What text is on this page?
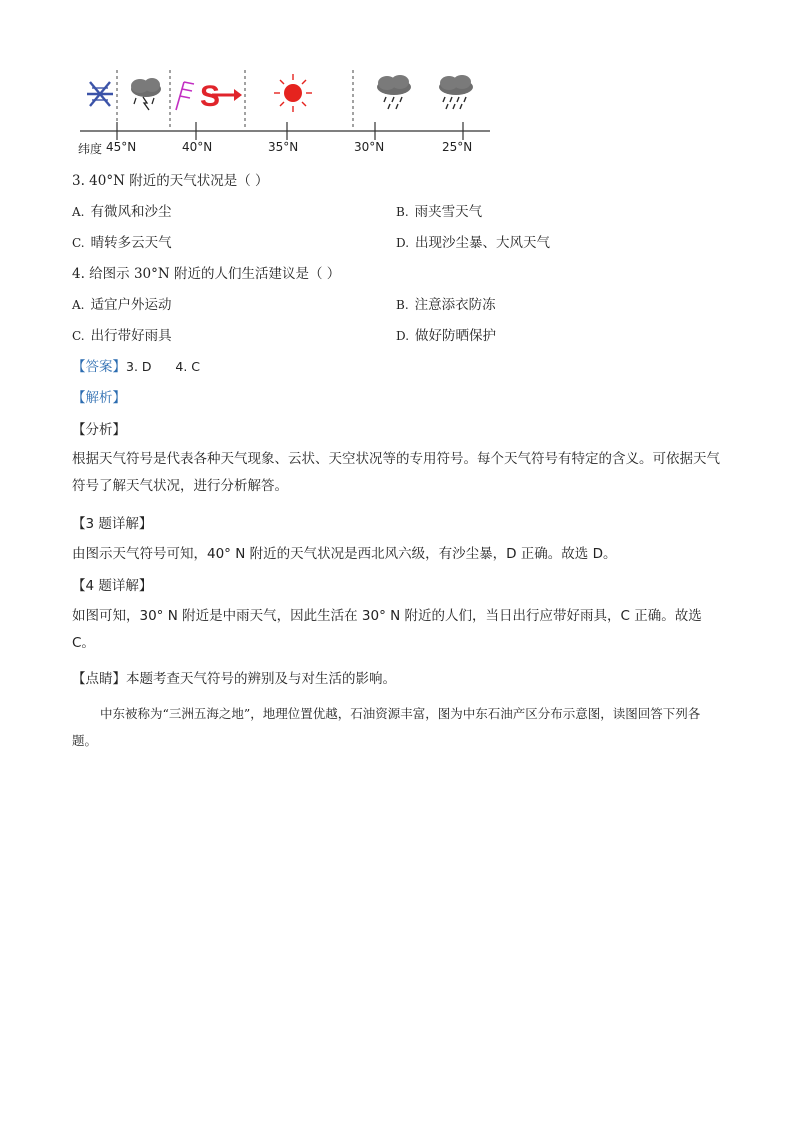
S
纬度 45°N	40°N	35°N	30°N	25°N
3. 40°N 附近的天气状况是（ ）
A. 有微风和沙尘	B. 雨夹雪天气
C. 晴转多云天气	D. 出现沙尘暴、大风天气
4. 给图示 30°N 附近的人们生活建议是（ ）
A. 适宜户外运动	B. 注意添衣防冻
C. 出行带好雨具	D. 做好防晒保护
【答案】3. D      4. C
【解析】
【分析】
根据天气符号是代表各种天气现象、云状、天空状况等的专用符号。每个天气符号有特定的含义。可依据天气符号了解天气状况，进行分析解答。
【3 题详解】
由图示天气符号可知，40° N 附近的天气状况是西北风六级，有沙尘暴，D 正确。故选 D。
【4 题详解】
如图可知，30° N 附近是中雨天气，因此生活在 30° N 附近的人们，当日出行应带好雨具，C 正确。故选 C。
【点睛】本题考查天气符号的辨别及与对生活的影响。
中东被称为“三洲五海之地”，地理位置优越，石油资源丰富，图为中东石油产区分布示意图，读图回答下列各题。
